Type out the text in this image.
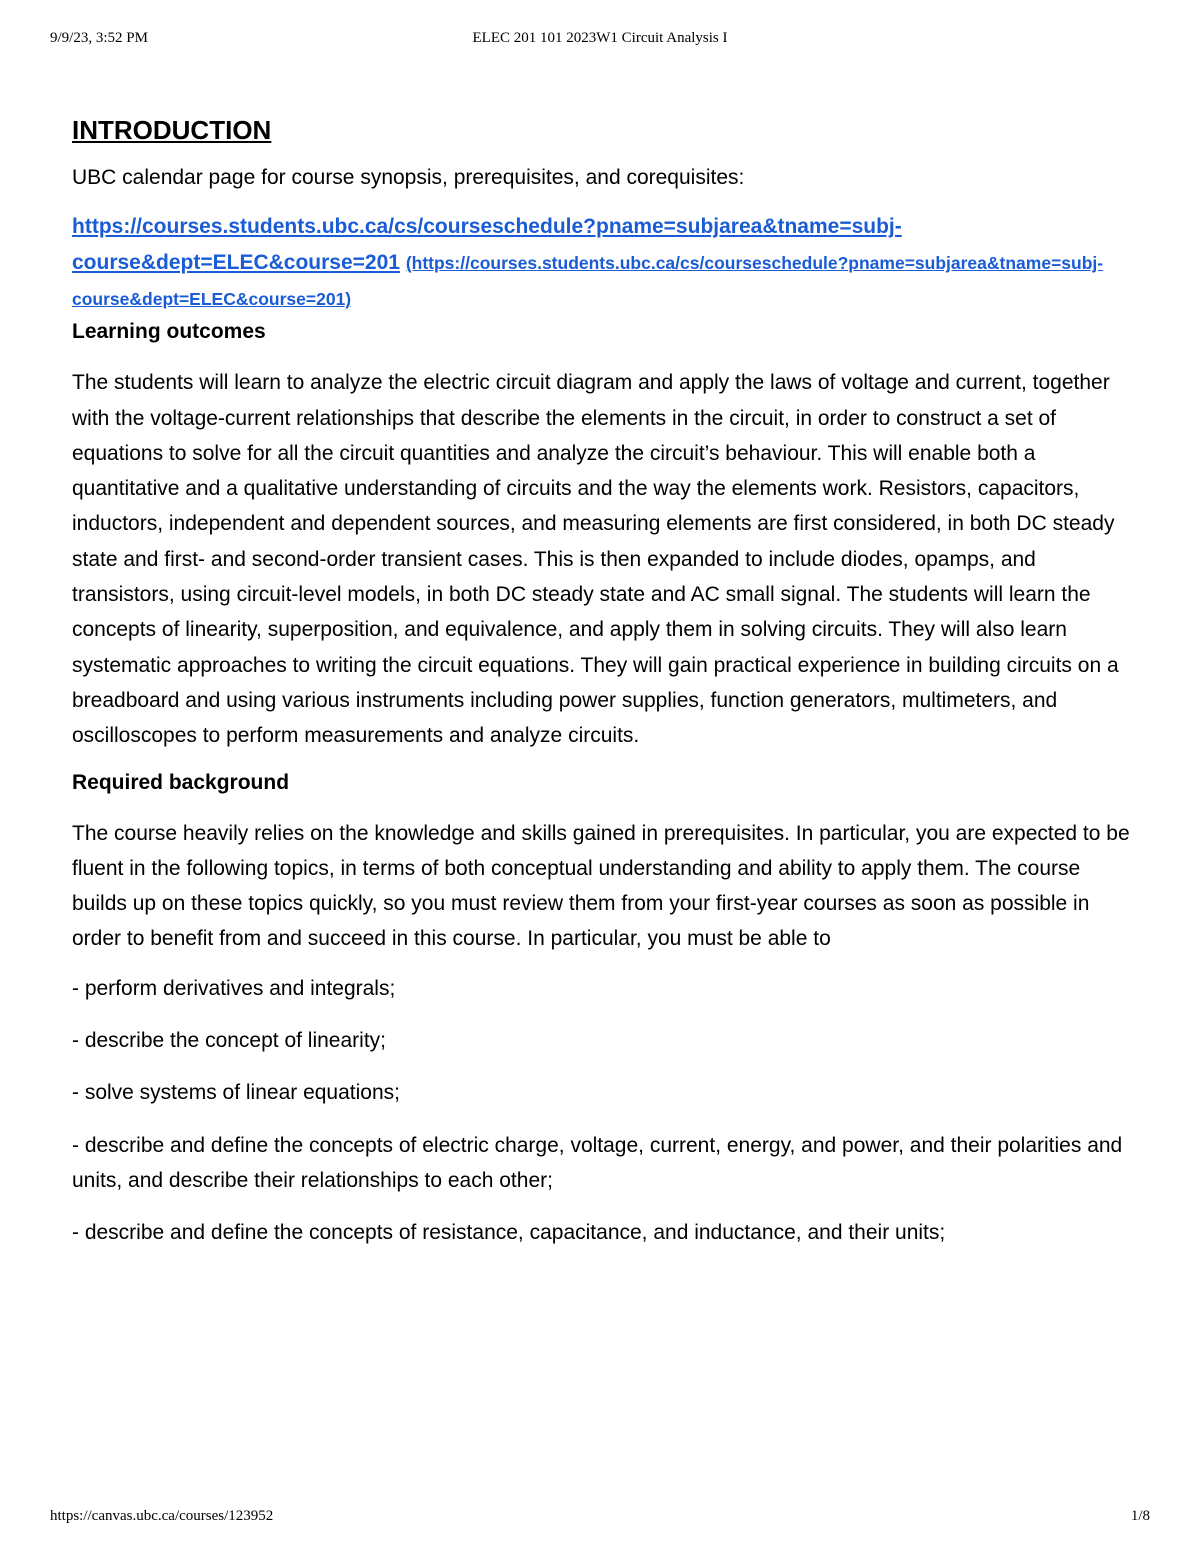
9/9/23, 3:52 PM	ELEC 201 101 2023W1 Circuit Analysis I
INTRODUCTION

UBC calendar page for course synopsis, prerequisites, and corequisites:

https://courses.students.ubc.ca/cs/courseschedule?pname=subjarea&tname=subj-course&dept=ELEC&course=201 (https://courses.students.ubc.ca/cs/courseschedule?pname=subjarea&tname=subj-course&dept=ELEC&course=201)
Learning outcomes

The students will learn to analyze the electric circuit diagram and apply the laws of voltage and current, together with the voltage-current relationships that describe the elements in the circuit, in order to construct a set of equations to solve for all the circuit quantities and analyze the circuit’s behaviour. This will enable both a quantitative and a qualitative understanding of circuits and the way the elements work. Resistors, capacitors, inductors, independent and dependent sources, and measuring elements are first considered, in both DC steady state and first- and second-order transient cases. This is then expanded to include diodes, opamps, and transistors, using circuit-level models, in both DC steady state and AC small signal. The students will learn the concepts of linearity, superposition, and equivalence, and apply them in solving circuits. They will also learn systematic approaches to writing the circuit equations. They will gain practical experience in building circuits on a breadboard and using various instruments including power supplies, function generators, multimeters, and oscilloscopes to perform measurements and analyze circuits.

Required background

The course heavily relies on the knowledge and skills gained in prerequisites. In particular, you are expected to be fluent in the following topics, in terms of both conceptual understanding and ability to apply them. The course builds up on these topics quickly, so you must review them from your first-year courses as soon as possible in order to benefit from and succeed in this course. In particular, you must be able to

- perform derivatives and integrals;

- describe the concept of linearity;

- solve systems of linear equations;

- describe and define the concepts of electric charge, voltage, current, energy, and power, and their polarities and units, and describe their relationships to each other;

- describe and define the concepts of resistance, capacitance, and inductance, and their units;

https://canvas.ubc.ca/courses/123952	1/8
